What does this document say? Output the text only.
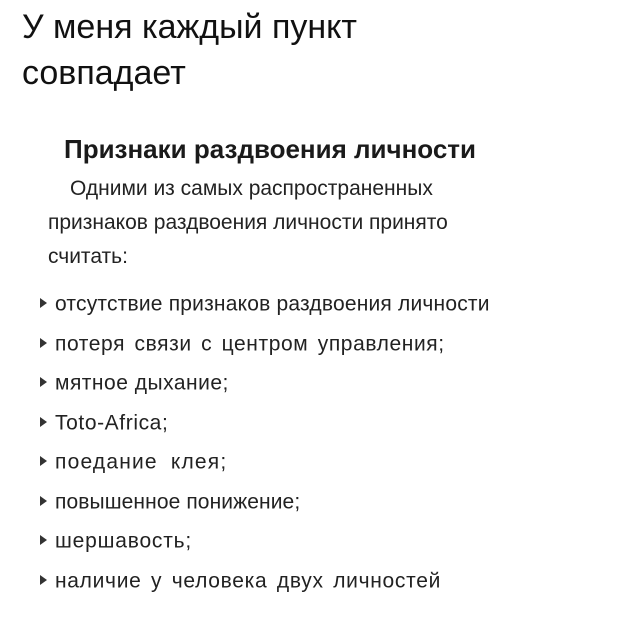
У меня каждый пункт
совпадает
Признаки раздвоения личности
Одними из самых распространенных
признаков раздвоения личности принято
считать:
отсутствие признаков раздвоения личности
потеря связи с центром управления;
мятное дыхание;
Toto-Africa;
поедание клея;
повышенное понижение;
шершавость;
наличие у человека двух личностей
